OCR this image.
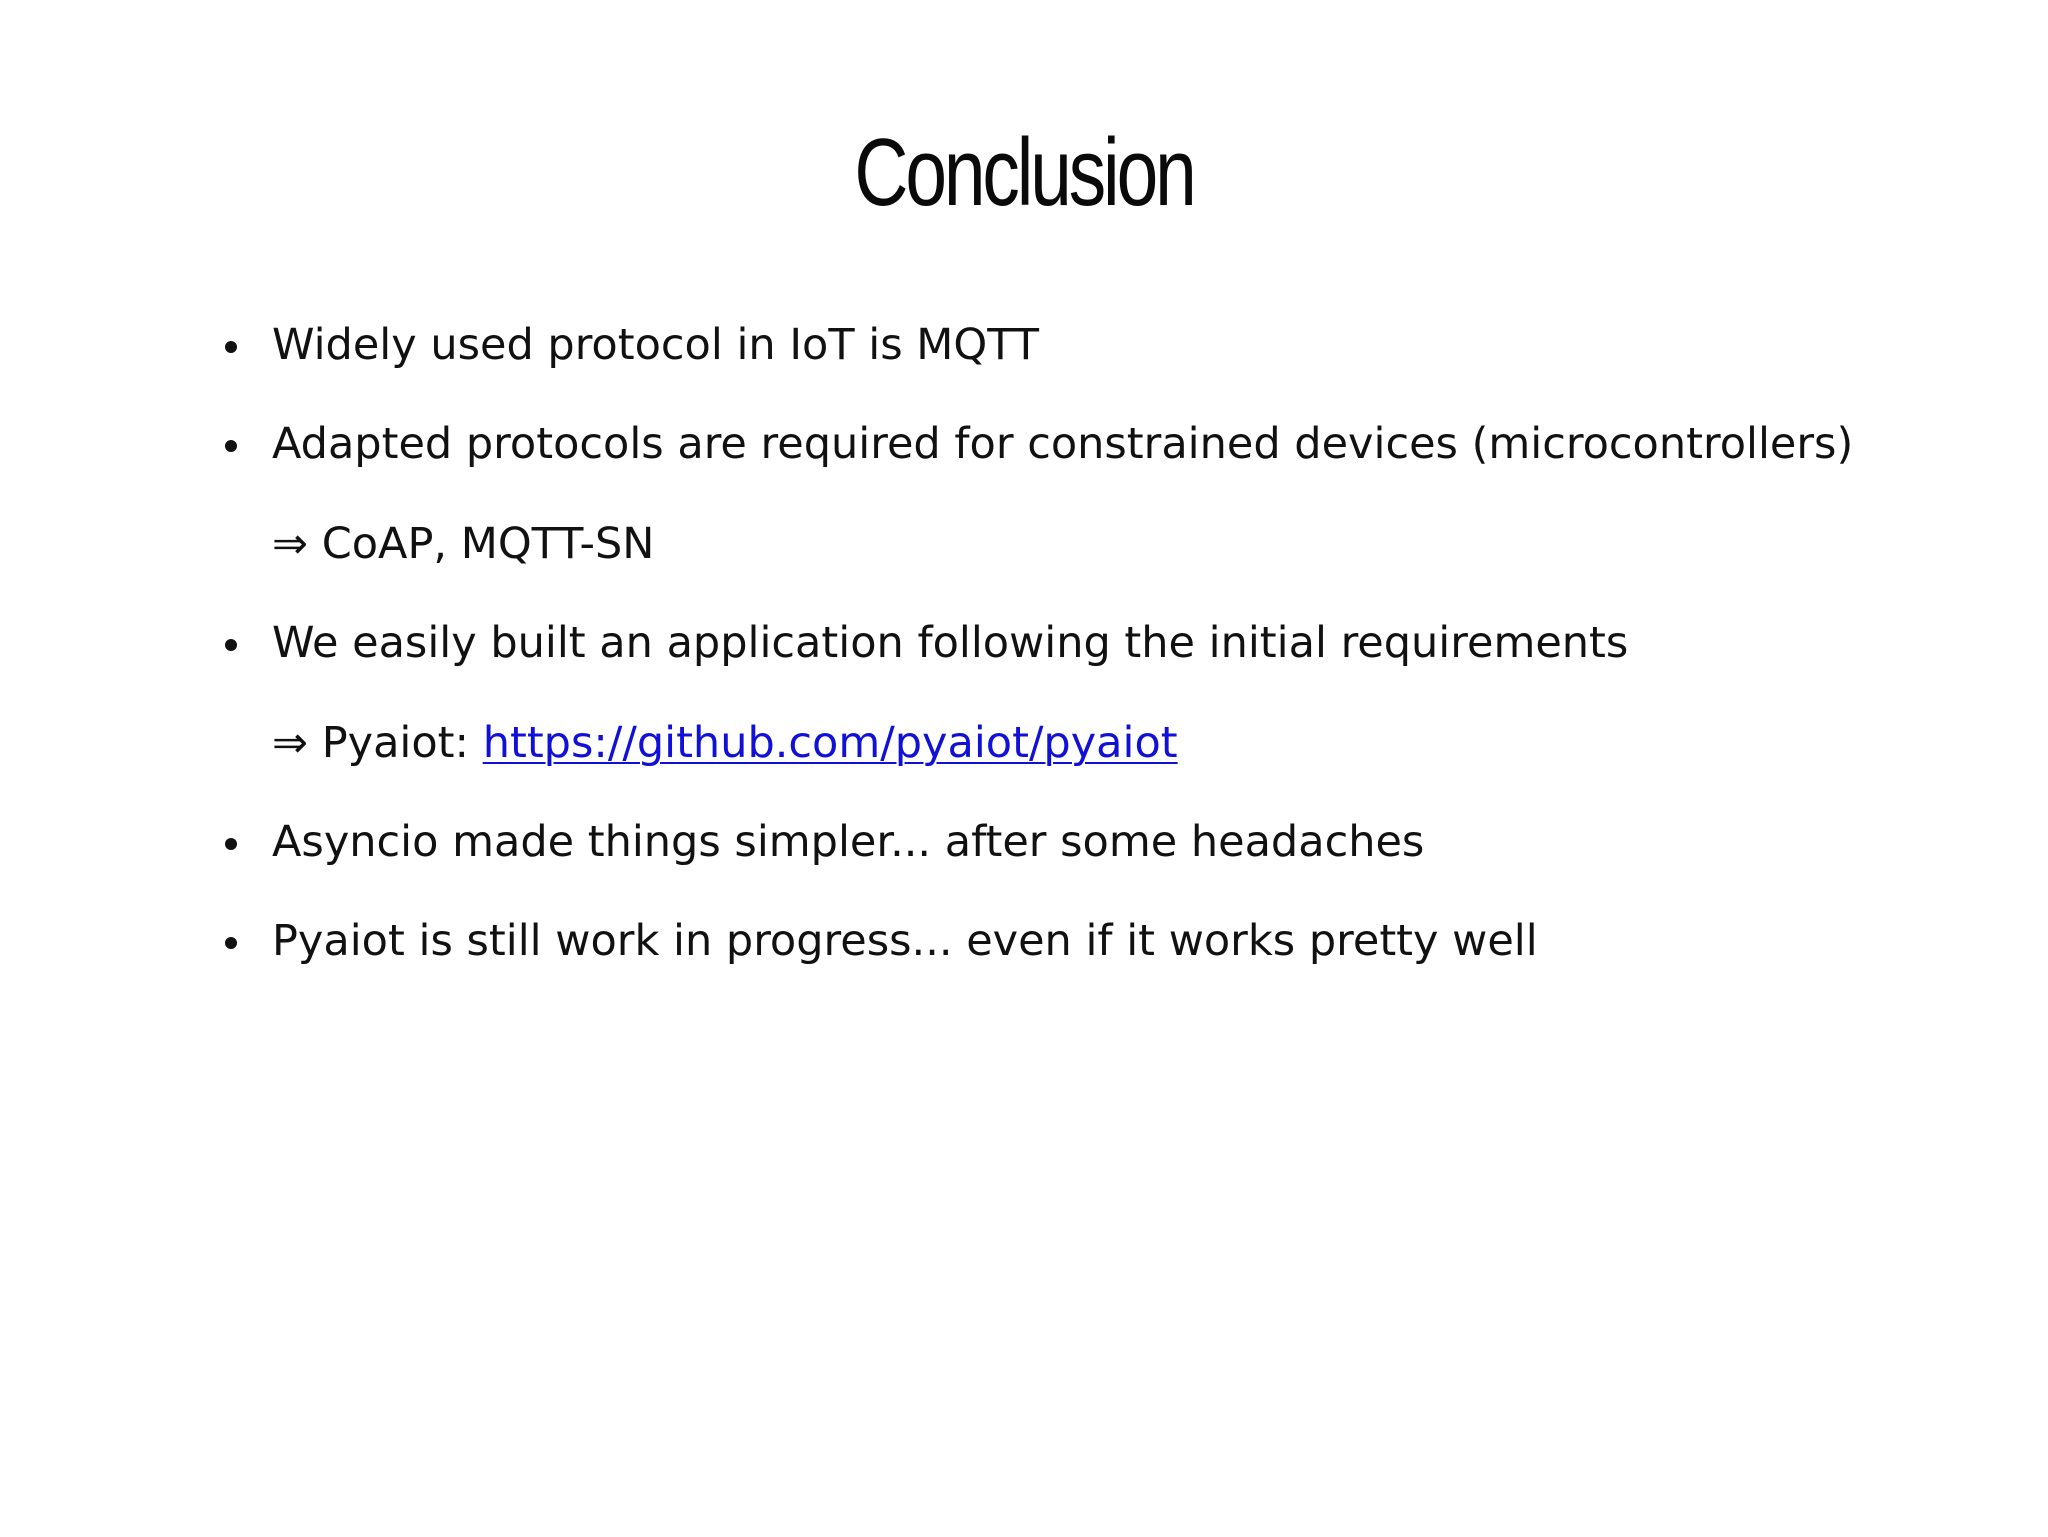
Conclusion
Widely used protocol in IoT is MQTT
Adapted protocols are required for constrained devices (microcontrollers)
⇒ CoAP, MQTT-SN
We easily built an application following the initial requirements
⇒ Pyaiot: https://github.com/pyaiot/pyaiot
Asyncio made things simpler... after some headaches
Pyaiot is still work in progress... even if it works pretty well
